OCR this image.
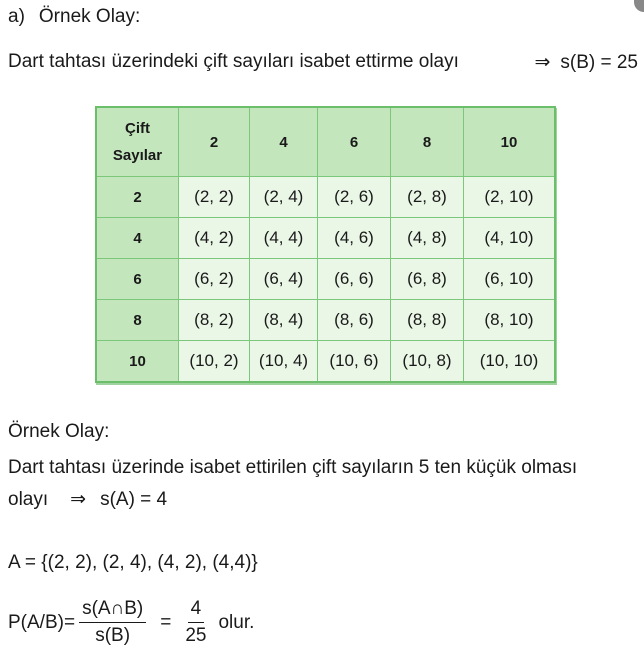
a) Örnek Olay:
Dart tahtası üzerindeki çift sayıları isabet ettirme olayı	⇒ s(B) = 25
Çift
Sayılar	2	4	6	8	10
2	(2, 2)	(2, 4)	(2, 6)	(2, 8)	(2, 10)
4	(4, 2)	(4, 4)	(4, 6)	(4, 8)	(4, 10)
6	(6, 2)	(6, 4)	(6, 6)	(6, 8)	(6, 10)
8	(8, 2)	(8, 4)	(8, 6)	(8, 8)	(8, 10)
10	(10, 2)	(10, 4)	(10, 6)	(10, 8)	(10, 10)
Örnek Olay:
Dart tahtası üzerinde isabet ettirilen çift sayıların 5 ten küçük olması
olayı ⇒ s(A) = 4
A = {(2, 2), (2, 4), (4, 2), (4,4)}
$P(A/B) = \frac{s(A\cap B)}{s(B)} = \frac{4}{25}$ olur.
